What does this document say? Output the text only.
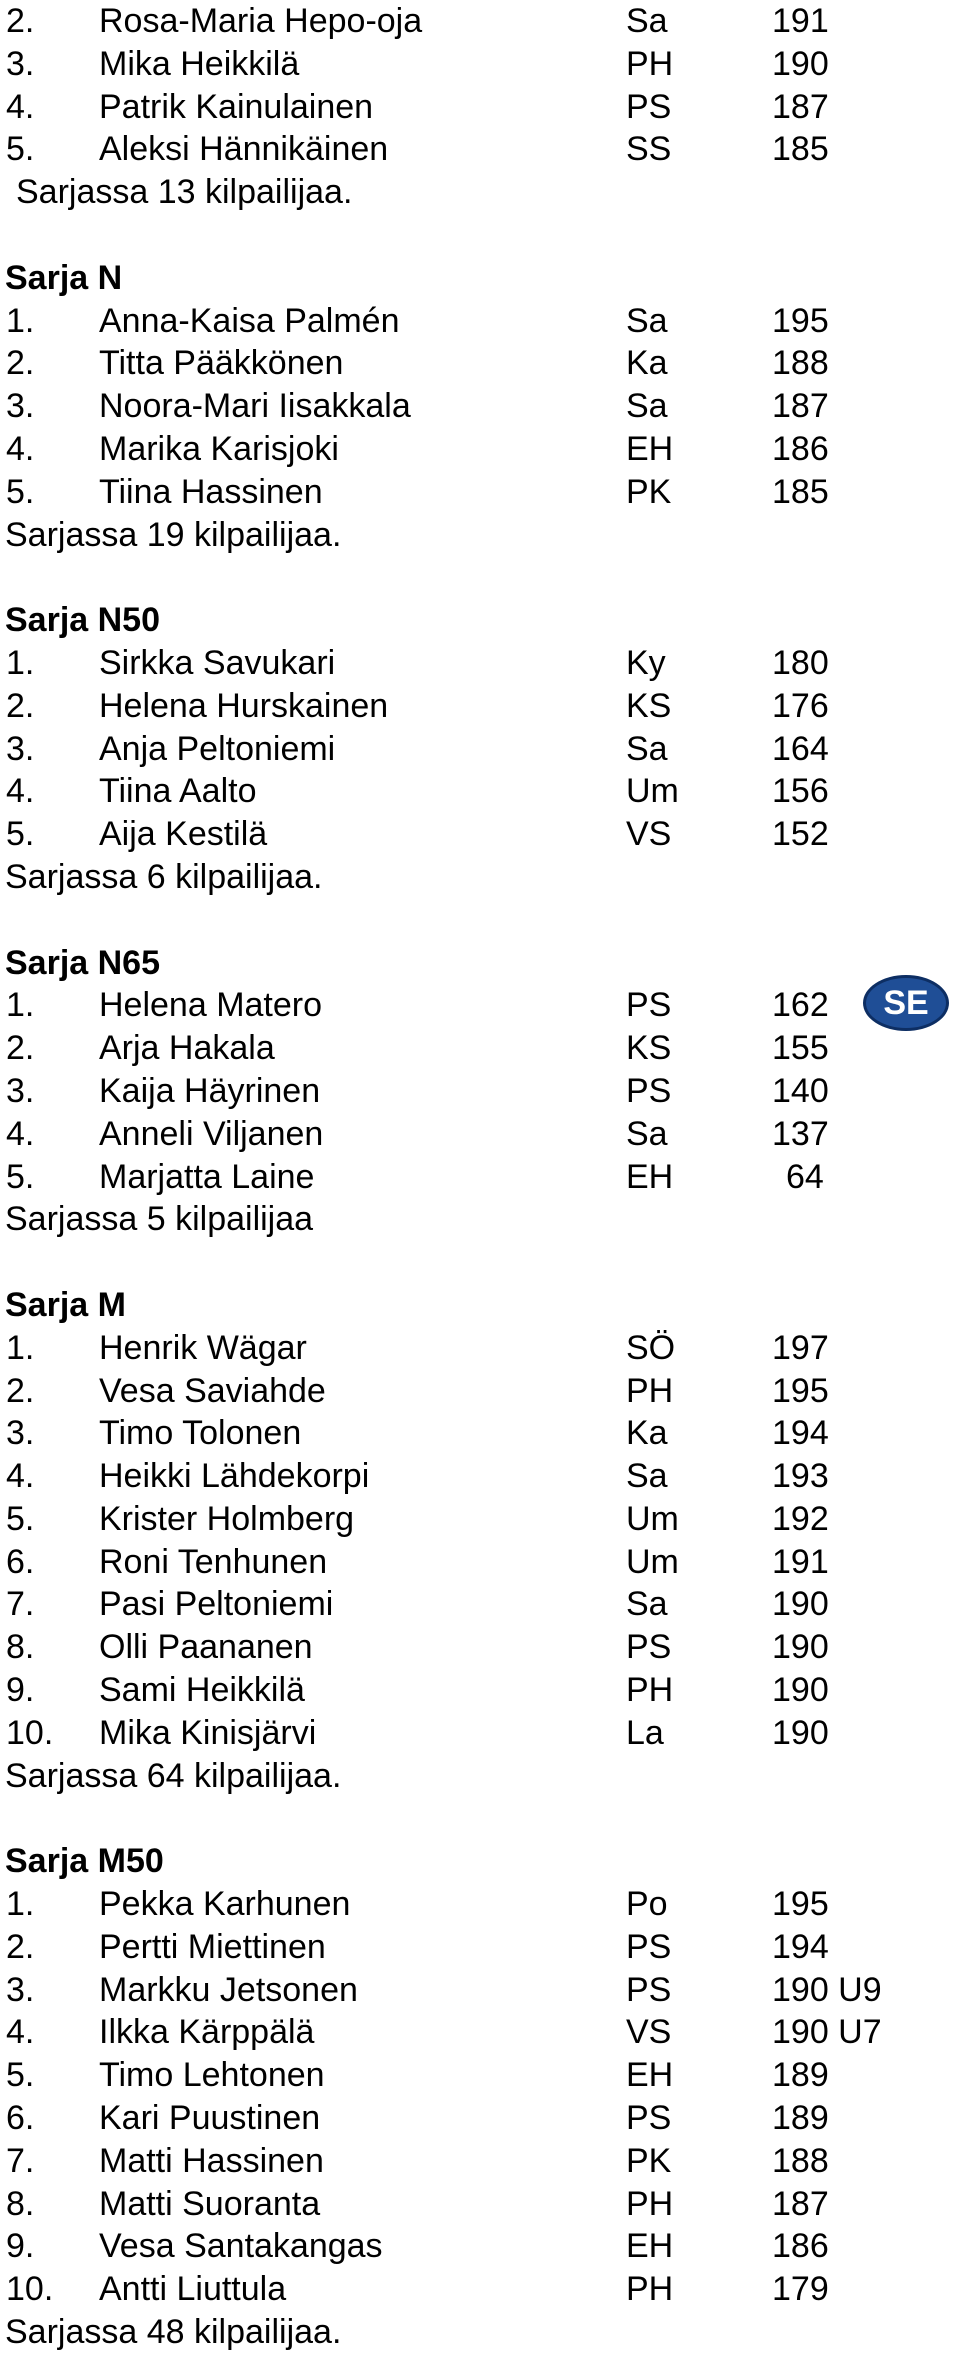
2. Rosa-Maria Hepo-oja	Sa	191
3. Mika Heikkilä	PH	190
4. Patrik Kainulainen	PS	187
5. Aleksi Hännikäinen	SS	185
Sarjassa 13 kilpailijaa.
Sarja N
1. Anna-Kaisa Palmén	Sa	195
2. Titta Pääkkönen	Ka	188
3. Noora-Mari Iisakkala	Sa	187
4. Marika Karisjoki	EH	186
5. Tiina Hassinen	PK	185
Sarjassa 19 kilpailijaa.
Sarja N50
1. Sirkka Savukari	Ky	180
2. Helena Hurskainen	KS	176
3. Anja Peltoniemi	Sa	164
4. Tiina Aalto	Um	156
5. Aija Kestilä	VS	152
Sarjassa 6 kilpailijaa.
Sarja N65
1. Helena Matero	PS	162
2. Arja Hakala	KS	155
3. Kaija Häyrinen	PS	140
4. Anneli Viljanen	Sa	137
5. Marjatta Laine	EH	64
Sarjassa 5 kilpailijaa
Sarja M
1. Henrik Wägar	SÖ	197
2. Vesa Saviahde	PH	195
3. Timo Tolonen	Ka	194
4. Heikki Lähdekorpi	Sa	193
5. Krister Holmberg	Um	192
6. Roni Tenhunen	Um	191
7. Pasi Peltoniemi	Sa	190
8. Olli Paananen	PS	190
9. Sami Heikkilä	PH	190
10. Mika Kinisjärvi	La	190
Sarjassa 64 kilpailijaa.
Sarja M50
1. Pekka Karhunen	Po	195
2. Pertti Miettinen	PS	194
3. Markku Jetsonen	PS	190 U9
4. Ilkka Kärppälä	VS	190 U7
5. Timo Lehtonen	EH	189
6. Kari Puustinen	PS	189
7. Matti Hassinen	PK	188
8. Matti Suoranta	PH	187
9. Vesa Santakangas	EH	186
10. Antti Liuttula	PH	179
Sarjassa 48 kilpailijaa.
SE
